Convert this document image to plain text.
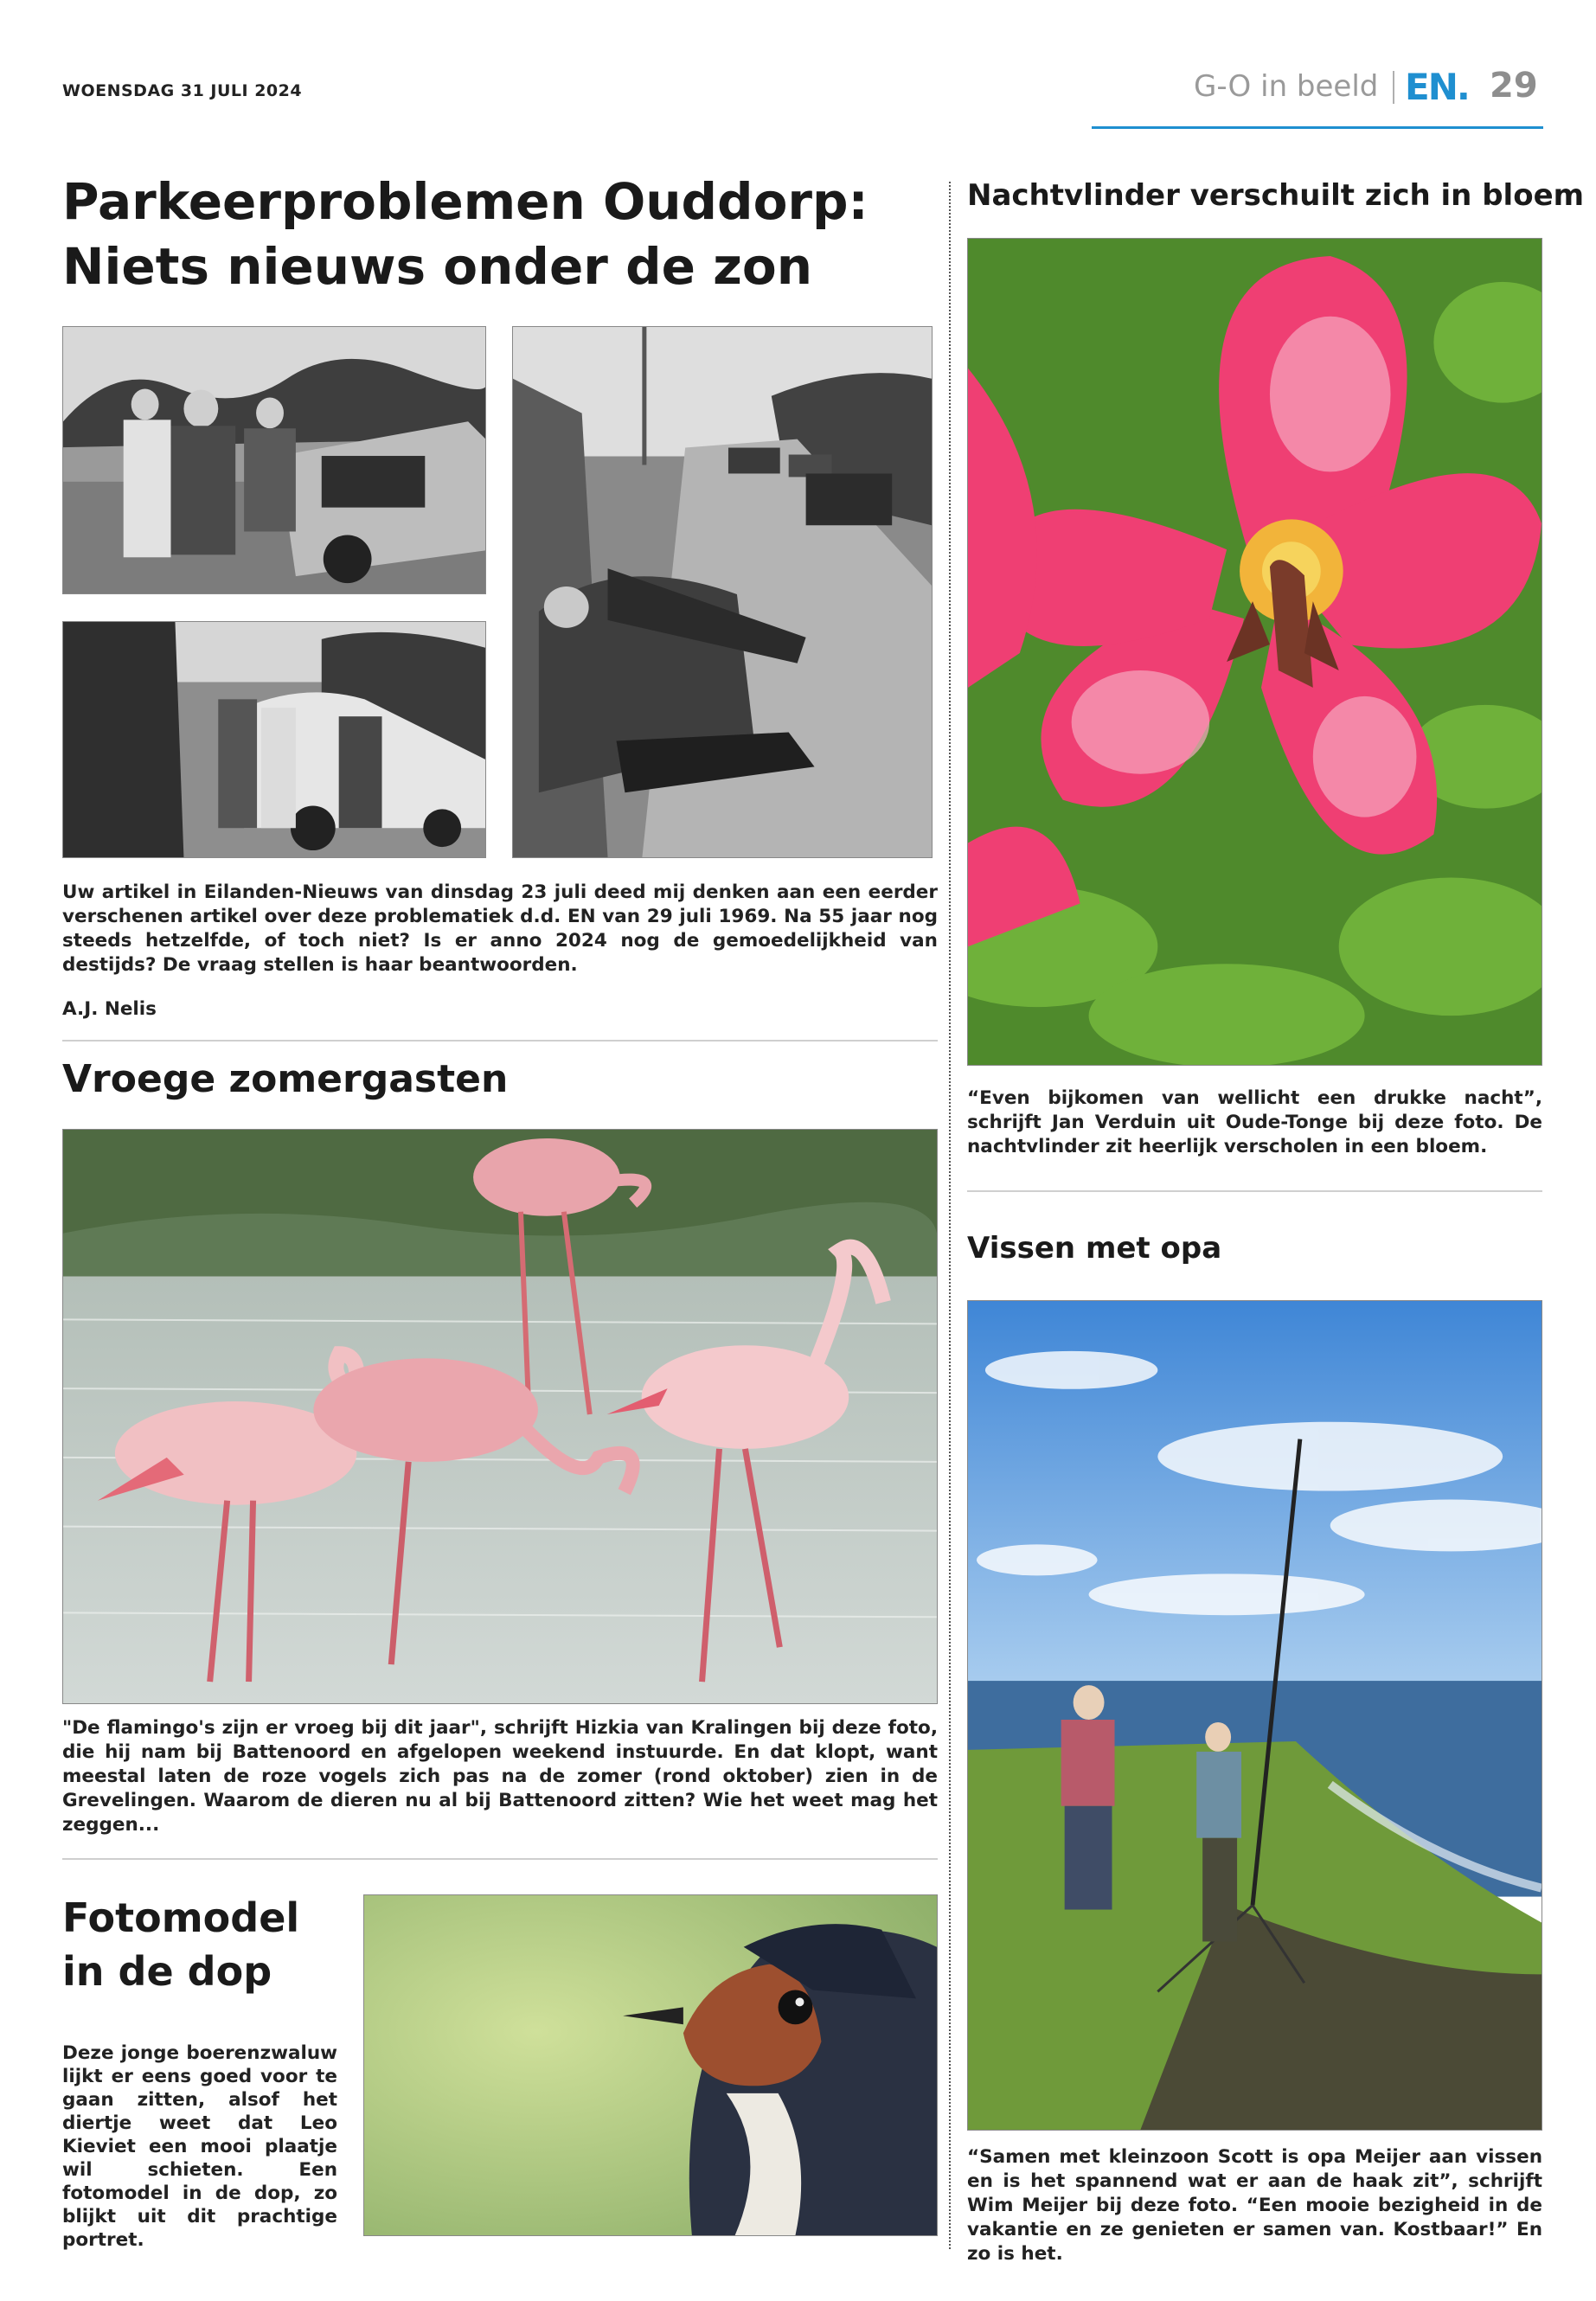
WOENSDAG 31 JULI 2024	G-O in beeld EN. 29
Parkeerproblemen Ouddorp:
Niets nieuws onder de zon

Uw artikel in Eilanden-Nieuws van dinsdag 23 juli deed mij denken aan een eerder verschenen artikel over deze problematiek d.d. EN van 29 juli 1969. Na 55 jaar nog steeds hetzelfde, of toch niet? Is er anno 2024 nog de gemoedelijkheid van destijds? De vraag stellen is haar beantwoorden.

A.J. Nelis
Vroege zomergasten

"De flamingo's zijn er vroeg bij dit jaar", schrijft Hizkia van Kralingen bij deze foto, die hij nam bij Battenoord en afgelopen weekend instuurde. En dat klopt, want meestal laten de roze vogels zich pas na de zomer (rond oktober) zien in de Grevelingen. Waarom de dieren nu al bij Battenoord zitten? Wie het weet mag het zeggen...

Fotomodel
in de dop

Deze jonge boerenzwaluw lijkt er eens goed voor te gaan zitten, alsof het diertje weet dat Leo Kieviet een mooi plaatje wil schieten. Een fotomodel in de dop, zo blijkt uit dit prachtige portret.

Nachtvlinder verschuilt zich in bloem

“Even bijkomen van wellicht een drukke nacht”, schrijft Jan Verduin uit Oude-Tonge bij deze foto. De nachtvlinder zit heerlijk verscholen in een bloem.

Vissen met opa

“Samen met kleinzoon Scott is opa Meijer aan vissen en is het spannend wat er aan de haak zit”, schrijft Wim Meijer bij deze foto. “Een mooie bezigheid in de vakantie en ze genieten er samen van. Kostbaar!” En zo is het.
